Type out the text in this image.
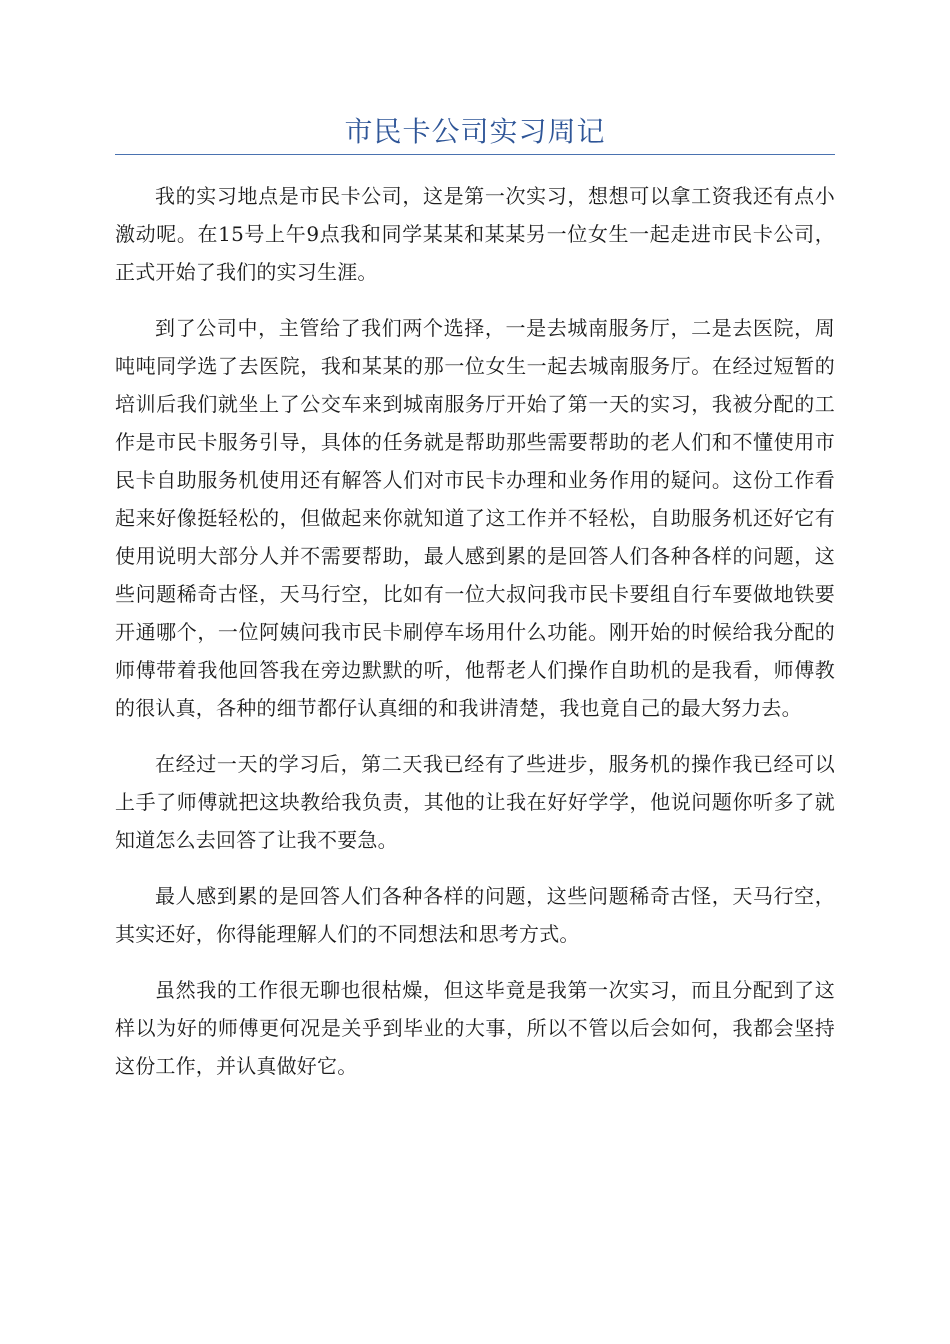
市民卡公司实习周记

我的实习地点是市民卡公司，这是第一次实习，想想可以拿工资我还有点小激动呢。在15号上午9点我和同学某某和某某另一位女生一起走进市民卡公司，正式开始了我们的实习生涯。

到了公司中，主管给了我们两个选择，一是去城南服务厅，二是去医院，周吨吨同学选了去医院，我和某某的那一位女生一起去城南服务厅。在经过短暂的培训后我们就坐上了公交车来到城南服务厅开始了第一天的实习，我被分配的工作是市民卡服务引导，具体的任务就是帮助那些需要帮助的老人们和不懂使用市民卡自助服务机使用还有解答人们对市民卡办理和业务作用的疑问。这份工作看起来好像挺轻松的，但做起来你就知道了这工作并不轻松，自助服务机还好它有使用说明大部分人并不需要帮助，最人感到累的是回答人们各种各样的问题，这些问题稀奇古怪，天马行空，比如有一位大叔问我市民卡要组自行车要做地铁要开通哪个，一位阿姨问我市民卡刷停车场用什么功能。刚开始的时候给我分配的师傅带着我他回答我在旁边默默的听，他帮老人们操作自助机的是我看，师傅教的很认真，各种的细节都仔认真细的和我讲清楚，我也竟自己的最大努力去。

在经过一天的学习后，第二天我已经有了些进步，服务机的操作我已经可以上手了师傅就把这块教给我负责，其他的让我在好好学学，他说问题你听多了就知道怎么去回答了让我不要急。

最人感到累的是回答人们各种各样的问题，这些问题稀奇古怪，天马行空，其实还好，你得能理解人们的不同想法和思考方式。

虽然我的工作很无聊也很枯燥，但这毕竟是我第一次实习，而且分配到了这样以为好的师傅更何况是关乎到毕业的大事，所以不管以后会如何，我都会坚持这份工作，并认真做好它。
